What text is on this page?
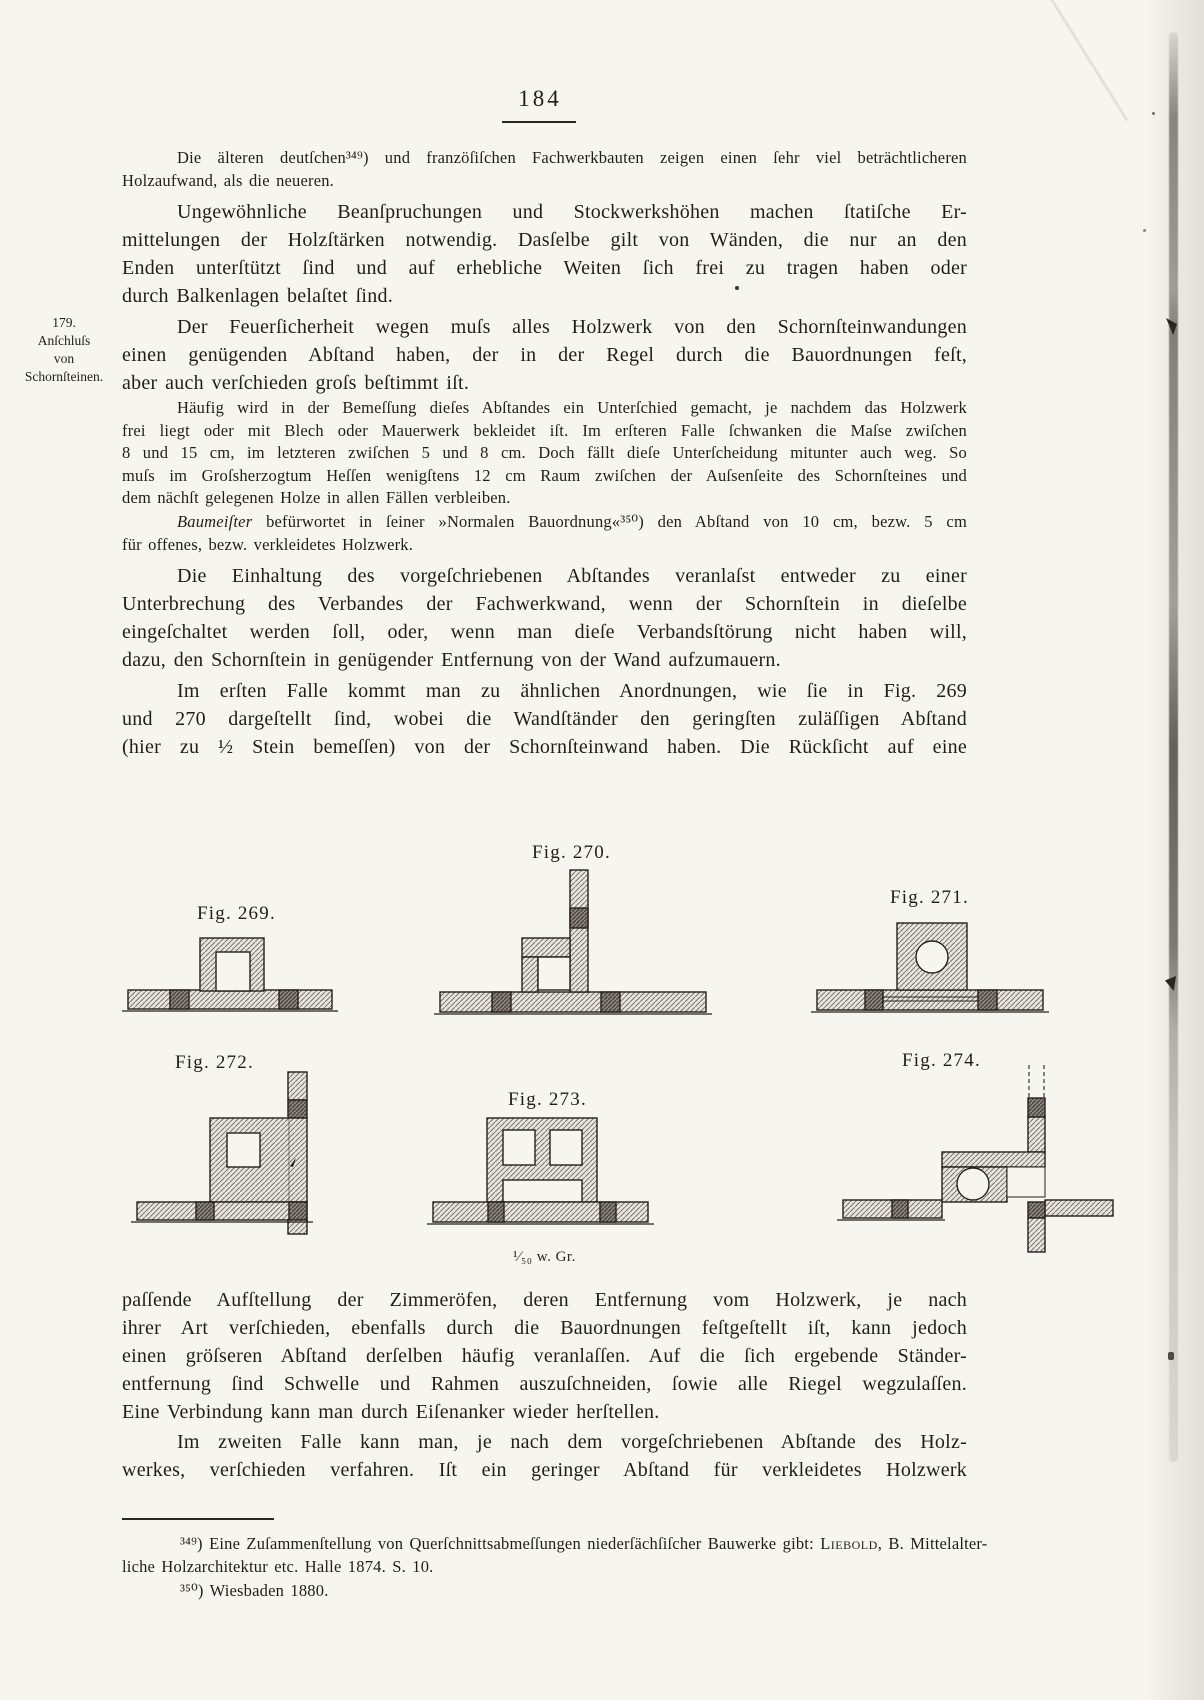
184
179.
Anſchluſs
von
Schornſteinen.
Die älteren deutſchen³⁴⁹) und franzöſiſchen Fachwerkbauten zeigen einen ſehr viel beträchtlicheren
Holzaufwand, als die neueren.
Ungewöhnliche Beanſpruchungen und Stockwerkshöhen machen ſtatiſche Er-
mittelungen der Holzſtärken notwendig. Dasſelbe gilt von Wänden, die nur an den
Enden unterſtützt ſind und auf erhebliche Weiten ſich frei zu tragen haben oder
durch Balkenlagen belaſtet ſind.
Der Feuerſicherheit wegen muſs alles Holzwerk von den Schornſteinwandungen
einen genügenden Abſtand haben, der in der Regel durch die Bauordnungen feſt,
aber auch verſchieden groſs beſtimmt iſt.
Häufig wird in der Bemeſſung dieſes Abſtandes ein Unterſchied gemacht, je nachdem das Holzwerk
frei liegt oder mit Blech oder Mauerwerk bekleidet iſt. Im erſteren Falle ſchwanken die Maſse zwiſchen
8 und 15 cm, im letzteren zwiſchen 5 und 8 cm. Doch fällt dieſe Unterſcheidung mitunter auch weg. So
muſs im Groſsherzogtum Heſſen wenigſtens 12 cm Raum zwiſchen der Auſsenſeite des Schornſteines und
dem nächſt gelegenen Holze in allen Fällen verbleiben.
Baumeiſter befürwortet in ſeiner »Normalen Bauordnung«³⁵⁰) den Abſtand von 10 cm, bezw. 5 cm
für offenes, bezw. verkleidetes Holzwerk.
Die Einhaltung des vorgeſchriebenen Abſtandes veranlaſst entweder zu einer
Unterbrechung des Verbandes der Fachwerkwand, wenn der Schornſtein in dieſelbe
eingeſchaltet werden ſoll, oder, wenn man dieſe Verbandsſtörung nicht haben will,
dazu, den Schornſtein in genügender Entfernung von der Wand aufzumauern.
Im erſten Falle kommt man zu ähnlichen Anordnungen, wie ſie in Fig. 269
und 270 dargeſtellt ſind, wobei die Wandſtänder den geringſten zuläſſigen Abſtand
(hier zu ½ Stein bemeſſen) von der Schornſteinwand haben. Die Rückſicht auf eine
Fig. 269.
Fig. 270.
Fig. 271.
Fig. 272.
Fig. 273.
¹⁄₅₀ w. Gr.
Fig. 274.
paſſende Aufſtellung der Zimmeröfen, deren Entfernung vom Holzwerk, je nach
ihrer Art verſchieden, ebenfalls durch die Bauordnungen feſtgeſtellt iſt, kann jedoch
einen gröſseren Abſtand derſelben häufig veranlaſſen. Auf die ſich ergebende Ständer-
entfernung ſind Schwelle und Rahmen auszuſchneiden, ſowie alle Riegel wegzulaſſen.
Eine Verbindung kann man durch Eiſenanker wieder herſtellen.
Im zweiten Falle kann man, je nach dem vorgeſchriebenen Abſtande des Holz-
werkes, verſchieden verfahren. Iſt ein geringer Abſtand für verkleidetes Holzwerk
³⁴⁹) Eine Zuſammenſtellung von Querſchnittsabmeſſungen niederſächſiſcher Bauwerke gibt: Liebold, B. Mittelalter-
liche Holzarchitektur etc. Halle 1874. S. 10.
³⁵⁰) Wiesbaden 1880.
